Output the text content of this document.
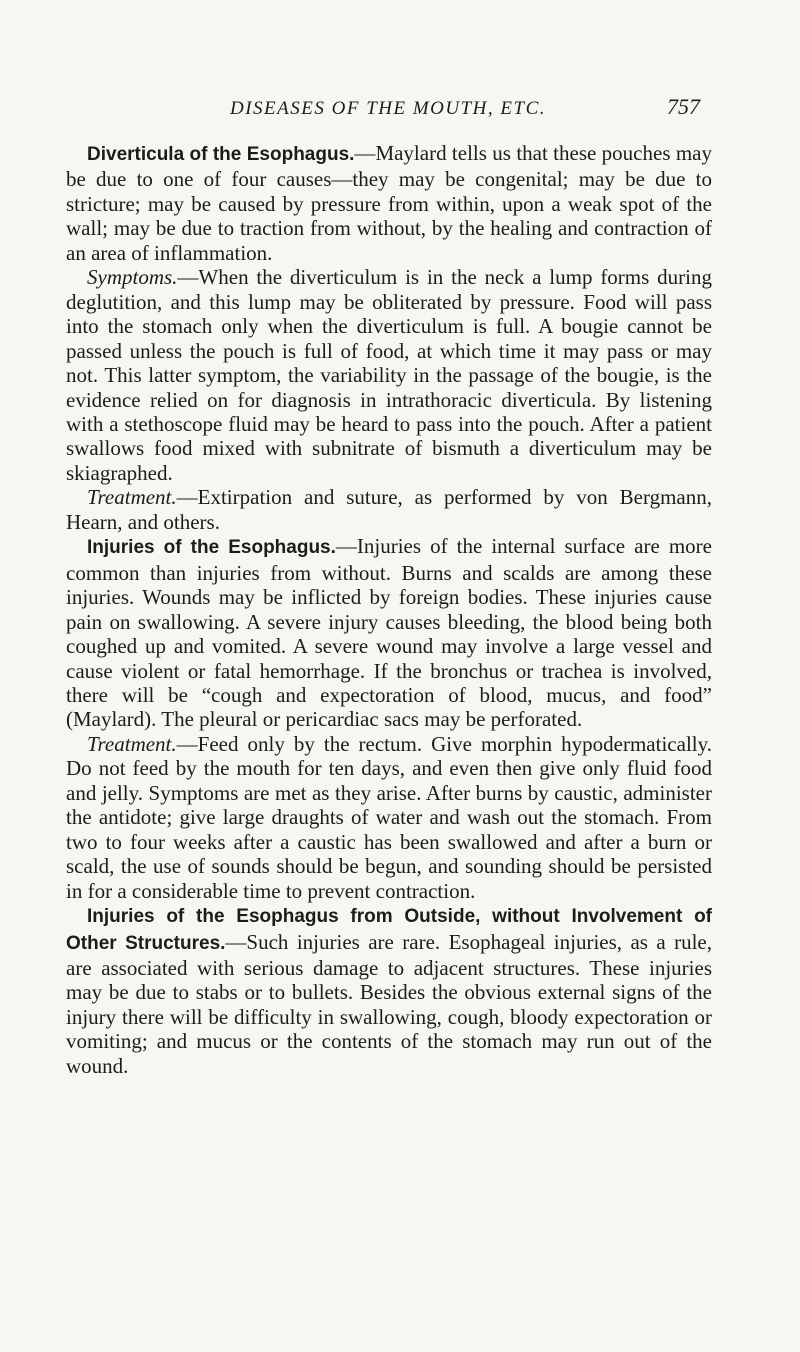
DISEASES OF THE MOUTH, ETC.	757

Diverticula of the Esophagus.—Maylard tells us that these pouches may be due to one of four causes—they may be congenital; may be due to stricture; may be caused by pressure from within, upon a weak spot of the wall; may be due to traction from without, by the healing and contraction of an area of inflammation.

Symptoms.—When the diverticulum is in the neck a lump forms during deglutition, and this lump may be obliterated by pressure. Food will pass into the stomach only when the diverticulum is full. A bougie cannot be passed unless the pouch is full of food, at which time it may pass or may not. This latter symptom, the variability in the passage of the bougie, is the evidence relied on for diagnosis in intrathoracic diverticula. By listening with a stethoscope fluid may be heard to pass into the pouch. After a patient swallows food mixed with subnitrate of bismuth a diverticulum may be skiagraphed.

Treatment.—Extirpation and suture, as performed by von Bergmann, Hearn, and others.

Injuries of the Esophagus.—Injuries of the internal surface are more common than injuries from without. Burns and scalds are among these injuries. Wounds may be inflicted by foreign bodies. These injuries cause pain on swallowing. A severe injury causes bleeding, the blood being both coughed up and vomited. A severe wound may involve a large vessel and cause violent or fatal hemorrhage. If the bronchus or trachea is involved, there will be “cough and expectoration of blood, mucus, and food” (Maylard). The pleural or pericardiac sacs may be perforated.

Treatment.—Feed only by the rectum. Give morphin hypodermatically. Do not feed by the mouth for ten days, and even then give only fluid food and jelly. Symptoms are met as they arise. After burns by caustic, administer the antidote; give large draughts of water and wash out the stomach. From two to four weeks after a caustic has been swallowed and after a burn or scald, the use of sounds should be begun, and sounding should be persisted in for a considerable time to prevent contraction.

Injuries of the Esophagus from Outside, without Involvement of Other Structures.—Such injuries are rare. Esophageal injuries, as a rule, are associated with serious damage to adjacent structures. These injuries may be due to stabs or to bullets. Besides the obvious external signs of the injury there will be difficulty in swallowing, cough, bloody expectoration or vomiting; and mucus or the contents of the stomach may run out of the wound.
